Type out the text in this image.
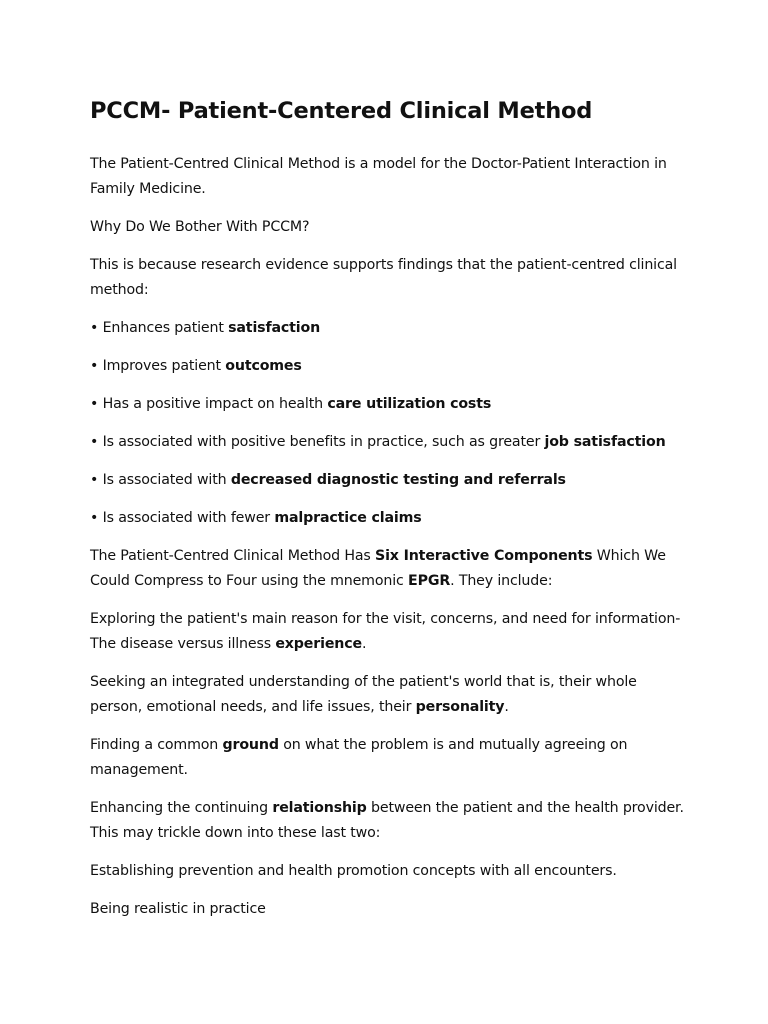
PCCM- Patient-Centered Clinical Method

The Patient-Centred Clinical Method is a model for the Doctor-Patient Interaction in Family Medicine.

Why Do We Bother With PCCM?

This is because research evidence supports findings that the patient-centred clinical method:

• Enhances patient satisfaction

• Improves patient outcomes

• Has a positive impact on health care utilization costs

• Is associated with positive benefits in practice, such as greater job satisfaction

• Is associated with decreased diagnostic testing and referrals

• Is associated with fewer malpractice claims

The Patient-Centred Clinical Method Has Six Interactive Components Which We Could Compress to Four using the mnemonic EPGR. They include:

Exploring the patient's main reason for the visit, concerns, and need for information- The disease versus illness experience.

Seeking an integrated understanding of the patient's world that is, their whole person, emotional needs, and life issues, their personality.

Finding a common ground on what the problem is and mutually agreeing on management.

Enhancing the continuing relationship between the patient and the health provider. This may trickle down into these last two:

Establishing prevention and health promotion concepts with all encounters.

Being realistic in practice
